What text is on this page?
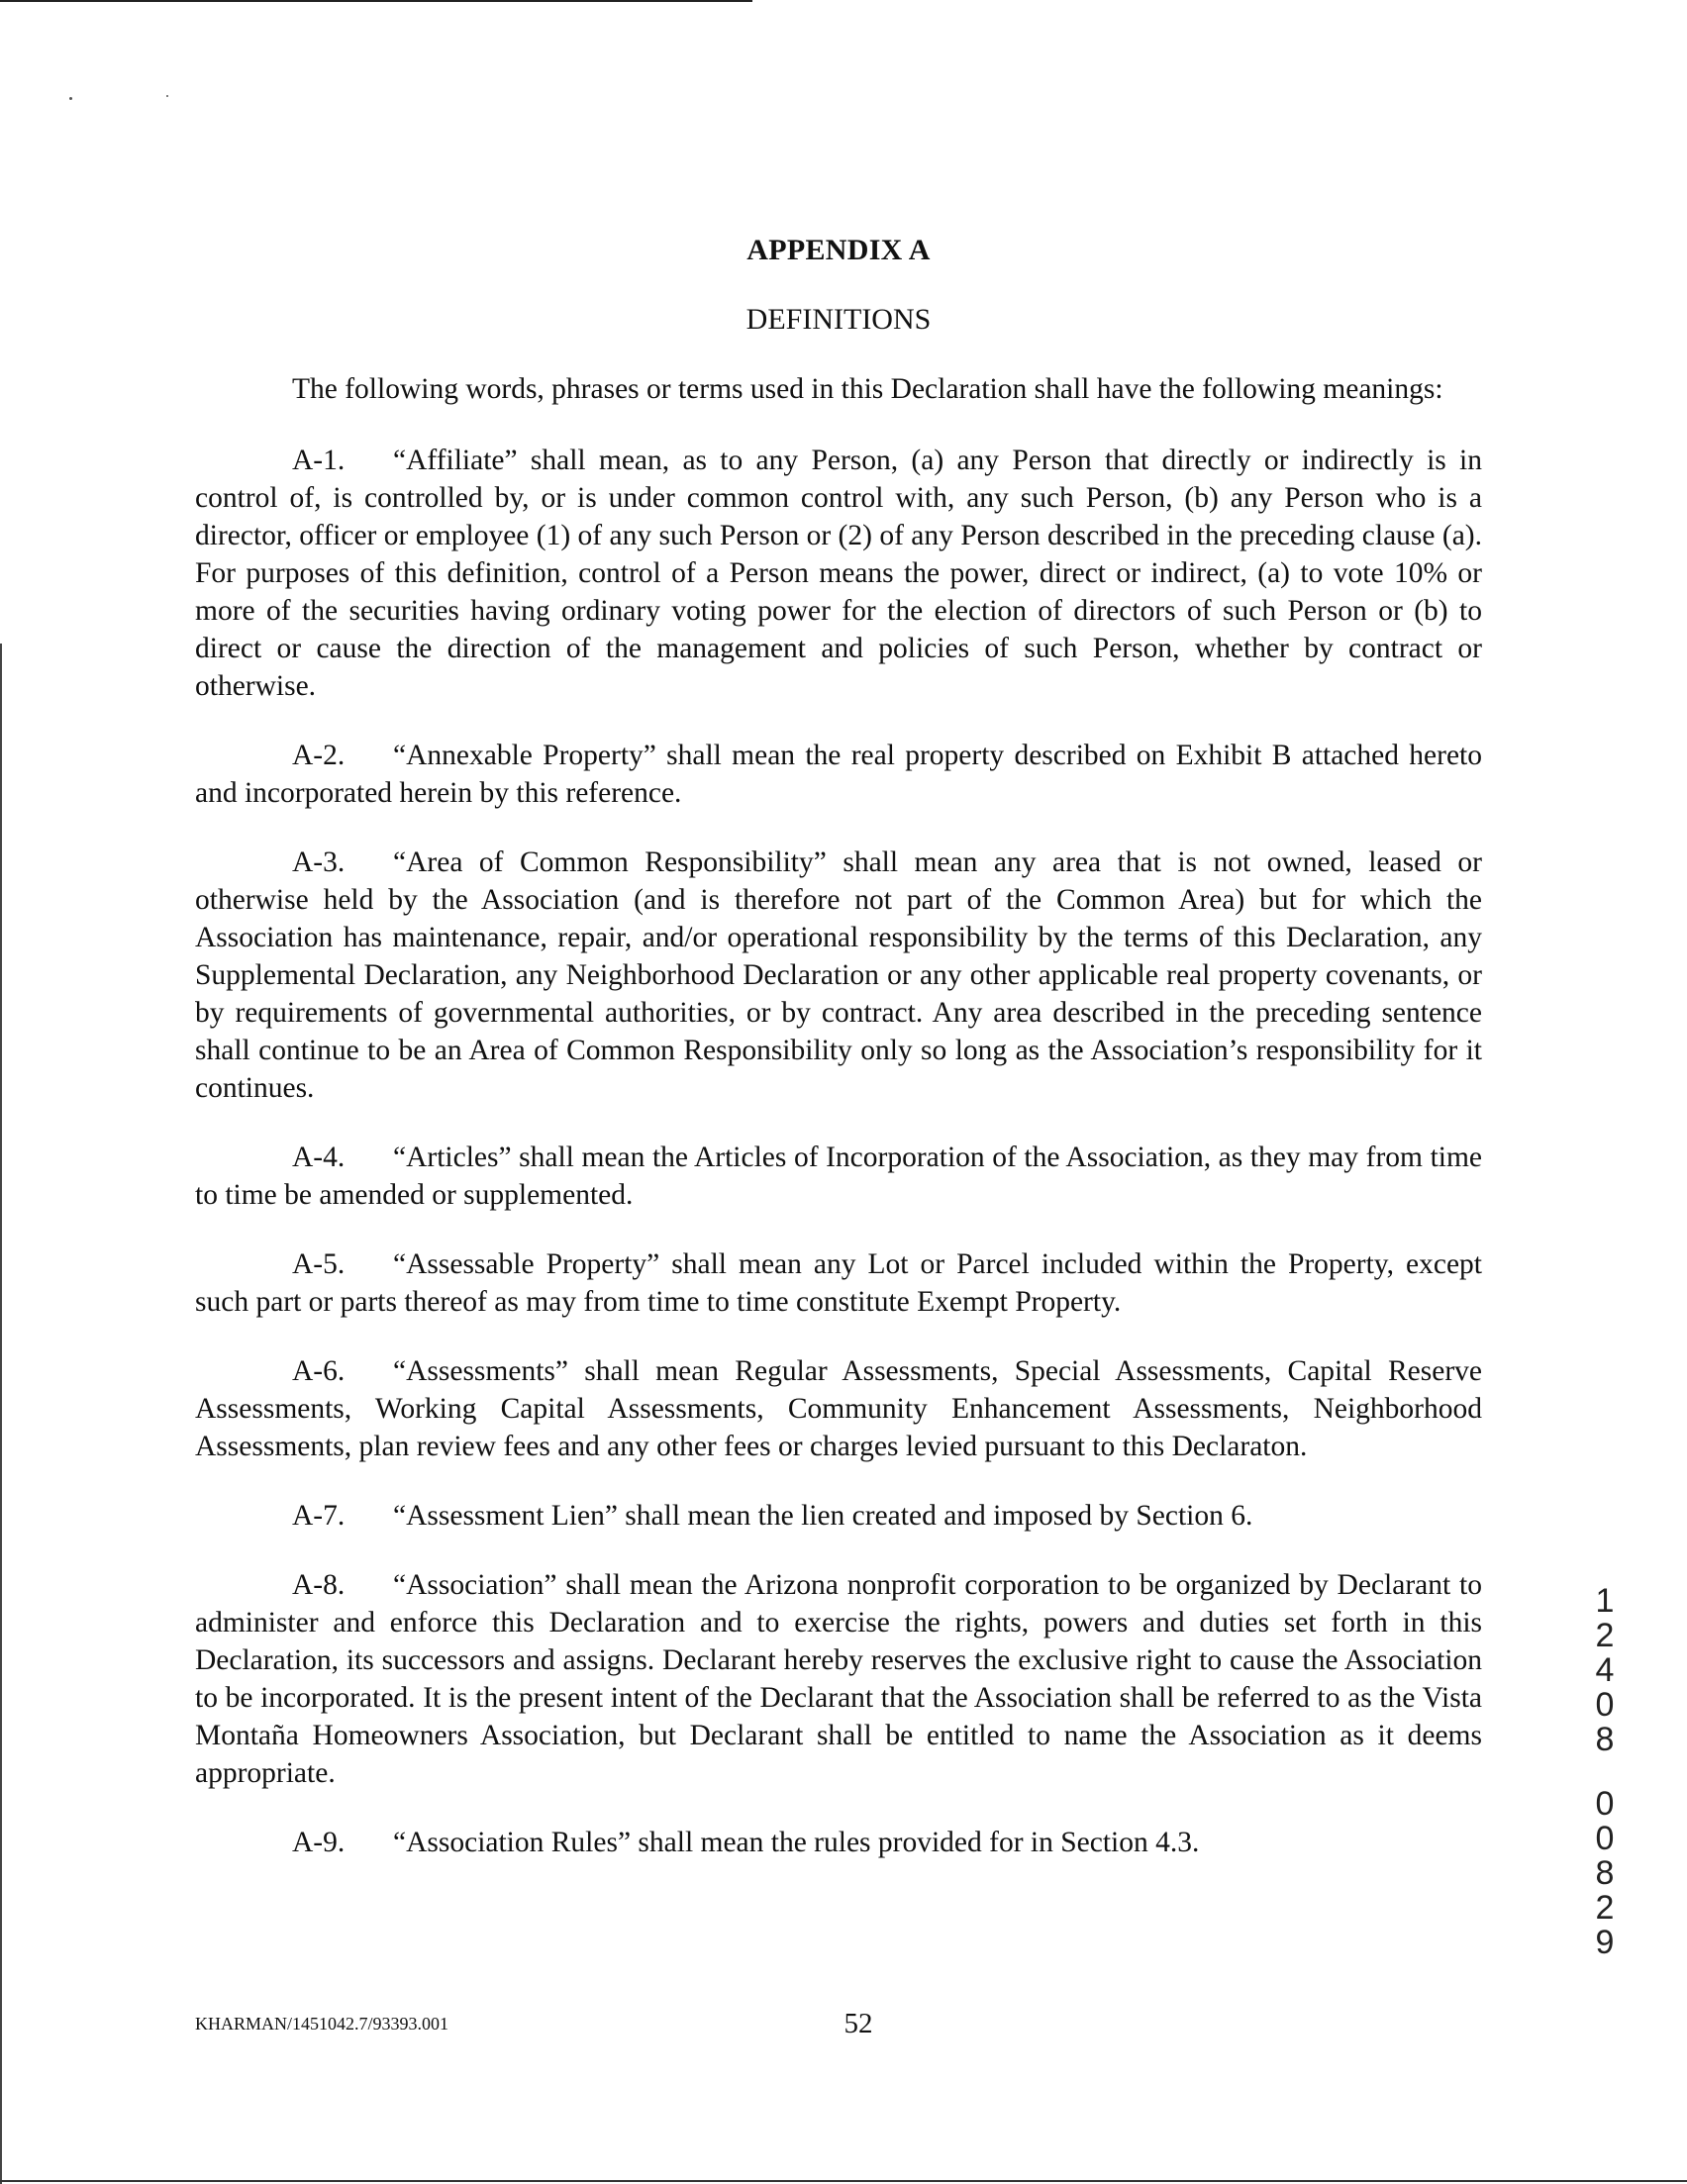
APPENDIX A
DEFINITIONS

The following words, phrases or terms used in this Declaration shall have the following meanings:

A-1. “Affiliate” shall mean, as to any Person, (a) any Person that directly or indirectly is in control of, is controlled by, or is under common control with, any such Person, (b) any Person who is a director, officer or employee (1) of any such Person or (2) of any Person described in the preceding clause (a). For purposes of this definition, control of a Person means the power, direct or indirect, (a) to vote 10% or more of the securities having ordinary voting power for the election of directors of such Person or (b) to direct or cause the direction of the management and policies of such Person, whether by contract or otherwise.

A-2. “Annexable Property” shall mean the real property described on Exhibit B attached hereto and incorporated herein by this reference.

A-3. “Area of Common Responsibility” shall mean any area that is not owned, leased or otherwise held by the Association (and is therefore not part of the Common Area) but for which the Association has maintenance, repair, and/or operational responsibility by the terms of this Declaration, any Supplemental Declaration, any Neighborhood Declaration or any other applicable real property covenants, or by requirements of governmental authorities, or by contract. Any area described in the preceding sentence shall continue to be an Area of Common Responsibility only so long as the Association’s responsibility for it continues.

A-4. “Articles” shall mean the Articles of Incorporation of the Association, as they may from time to time be amended or supplemented.

A-5. “Assessable Property” shall mean any Lot or Parcel included within the Property, except such part or parts thereof as may from time to time constitute Exempt Property.

A-6. “Assessments” shall mean Regular Assessments, Special Assessments, Capital Reserve Assessments, Working Capital Assessments, Community Enhancement Assessments, Neighborhood Assessments, plan review fees and any other fees or charges levied pursuant to this Declaraton.

A-7. “Assessment Lien” shall mean the lien created and imposed by Section 6.

A-8. “Association” shall mean the Arizona nonprofit corporation to be organized by Declarant to administer and enforce this Declaration and to exercise the rights, powers and duties set forth in this Declaration, its successors and assigns. Declarant hereby reserves the exclusive right to cause the Association to be incorporated. It is the present intent of the Declarant that the Association shall be referred to as the Vista Montaña Homeowners Association, but Declarant shall be entitled to name the Association as it deems appropriate.

A-9. “Association Rules” shall mean the rules provided for in Section 4.3.

1
2
4
0
8
0
0
8
2
9
KHARMAN/1451042.7/93393.001	52
